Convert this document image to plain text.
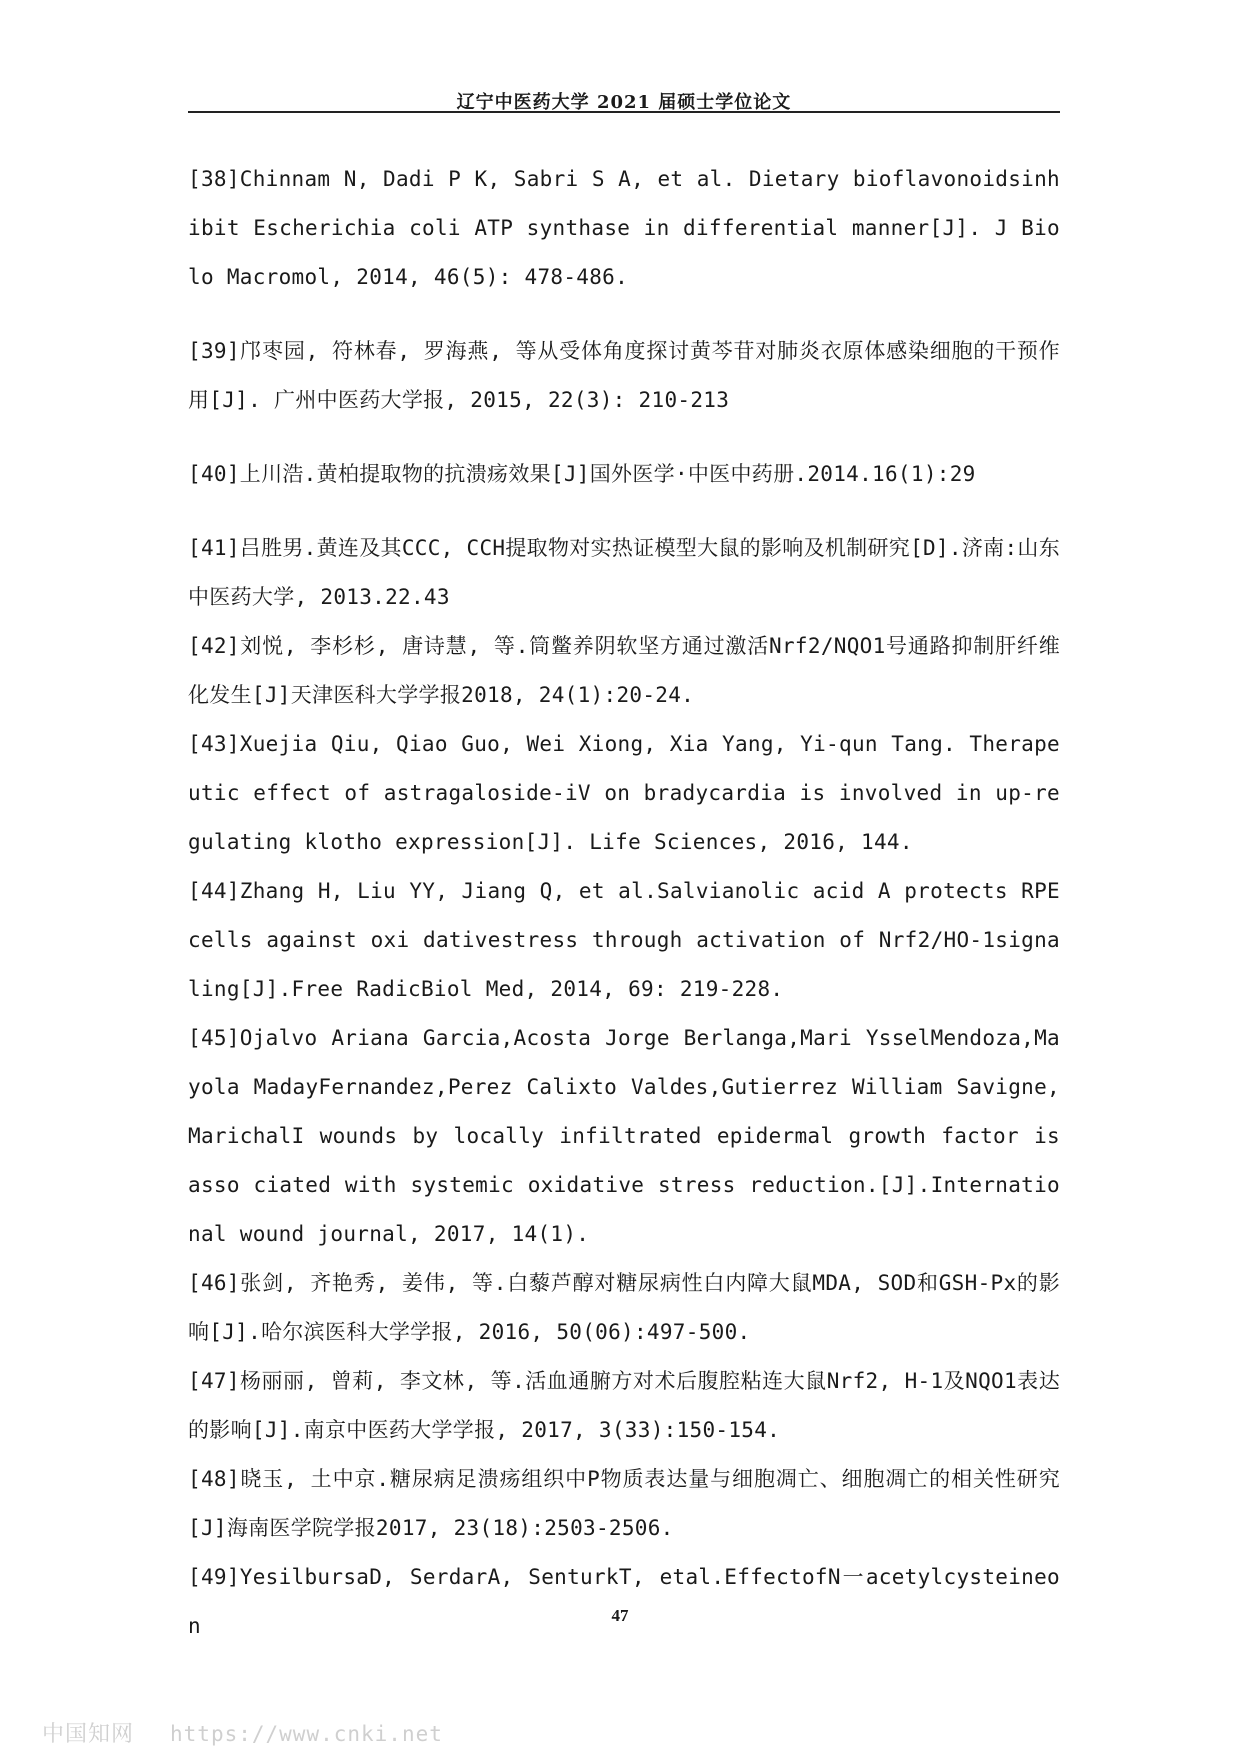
辽宁中医药大学 2021 届硕士学位论文

[38]Chinnam N, Dadi P K, Sabri S A, et al. Dietary bioflavonoidsinhibit Escherichia coli ATP synthase in differential manner[J]. J Biolo Macromol, 2014, 46(5): 478-486.

[39]邝枣园, 符林春, 罗海燕, 等从受体角度探讨黄芩苷对肺炎衣原体感染细胞的干预作用[J]. 广州中医药大学报, 2015, 22(3): 210-213

[40]上川浩.黄柏提取物的抗溃疡效果[J]国外医学·中医中药册.2014.16(1):29

[41]吕胜男.黄连及其CCC, CCH提取物对实热证模型大鼠的影响及机制研究[D].济南:山东中医药大学, 2013.22.43

[42]刘悦, 李杉杉, 唐诗慧, 等.筒鳖养阴软坚方通过激活Nrf2/NQO1号通路抑制肝纤维化发生[J]天津医科大学学报2018, 24(1):20-24.

[43]Xuejia Qiu, Qiao Guo, Wei Xiong, Xia Yang, Yi-qun Tang. Therapeutic effect of astragaloside-iV on bradycardia is involved in up-regulating klotho expression[J]. Life Sciences, 2016, 144.

[44]Zhang H, Liu YY, Jiang Q, et al.Salvianolic acid A protects RPE cells against oxi dativestress through activation of Nrf2/HO-1signaling[J].Free RadicBiol Med, 2014, 69: 219-228.

[45]Ojalvo Ariana Garcia,Acosta Jorge Berlanga,Mari YsselMendoza,Mayola MadayFernandez,Perez Calixto Valdes,Gutierrez William Savigne,MarichalI wounds by locally infiltrated epidermal growth factor is asso ciated with systemic oxidative stress reduction.[J].International wound journal, 2017, 14(1).

[46]张剑, 齐艳秀, 姜伟, 等.白藜芦醇对糖尿病性白内障大鼠MDA, SOD和GSH-Px的影响[J].哈尔滨医科大学学报, 2016, 50(06):497-500.

[47]杨丽丽, 曾莉, 李文林, 等.活血通腑方对术后腹腔粘连大鼠Nrf2, H-1及NQO1表达的影响[J].南京中医药大学学报, 2017, 3(33):150-154.

[48]晓玉, 土中京.糖尿病足溃疡组织中P物质表达量与细胞凋亡、细胞凋亡的相关性研究[J]海南医学院学报2017, 23(18):2503-2506.

[49]YesilbursaD, SerdarA, SenturkT, etal.EffectofN一acetylcysteineon	47
中国知网 https://www.cnki.net
